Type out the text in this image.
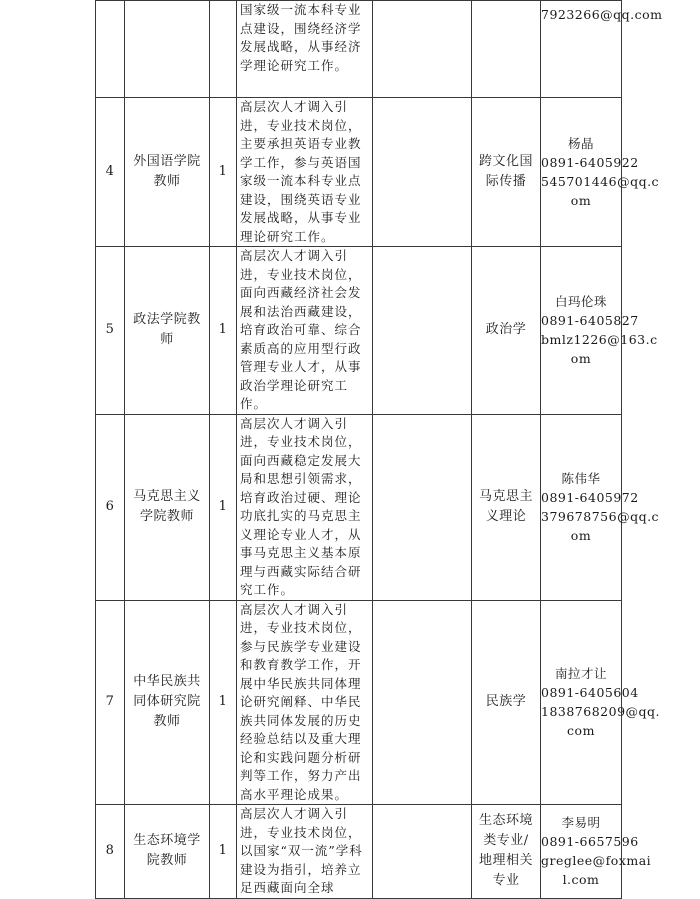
			国家级一流本科专业点建设，围绕经济学发展战略，从事经济学理论研究工作。			7923266@qq.com

4	外国语学院教师	1	高层次人才调入引进，专业技术岗位，主要承担英语专业教学工作，参与英语国家级一流本科专业点建设，围绕英语专业发展战略，从事专业理论研究工作。		跨文化国际传播	杨晶
0891-6405922
545701446@qq.c
om

5	政法学院教师	1	高层次人才调入引进，专业技术岗位，面向西藏经济社会发展和法治西藏建设，培育政治可靠、综合素质高的应用型行政管理专业人才，从事政治学理论研究工作。		政治学	白玛伦珠
0891-6405827
bmlz1226@163.c
om

6	马克思主义学院教师	1	高层次人才调入引进，专业技术岗位，面向西藏稳定发展大局和思想引领需求，培育政治过硬、理论功底扎实的马克思主义理论专业人才，从事马克思主义基本原理与西藏实际结合研究工作。		马克思主义理论	陈伟华
0891-6405972
379678756@qq.c
om

7	中华民族共同体研究院教师	1	高层次人才调入引进，专业技术岗位，参与民族学专业建设和教育教学工作，开展中华民族共同体理论研究阐释、中华民族共同体发展的历史经验总结以及重大理论和实践问题分析研判等工作，努力产出高水平理论成果。		民族学	南拉才让
0891-6405604
1838768209@qq.
com

8	生态环境学院教师	1	高层次人才调入引进，专业技术岗位，以国家“双一流”学科建设为指引，培养立足西藏面向全球		生态环境类专业/地理相关专业	李易明
0891-6657596
greglee@foxmai
l.com
